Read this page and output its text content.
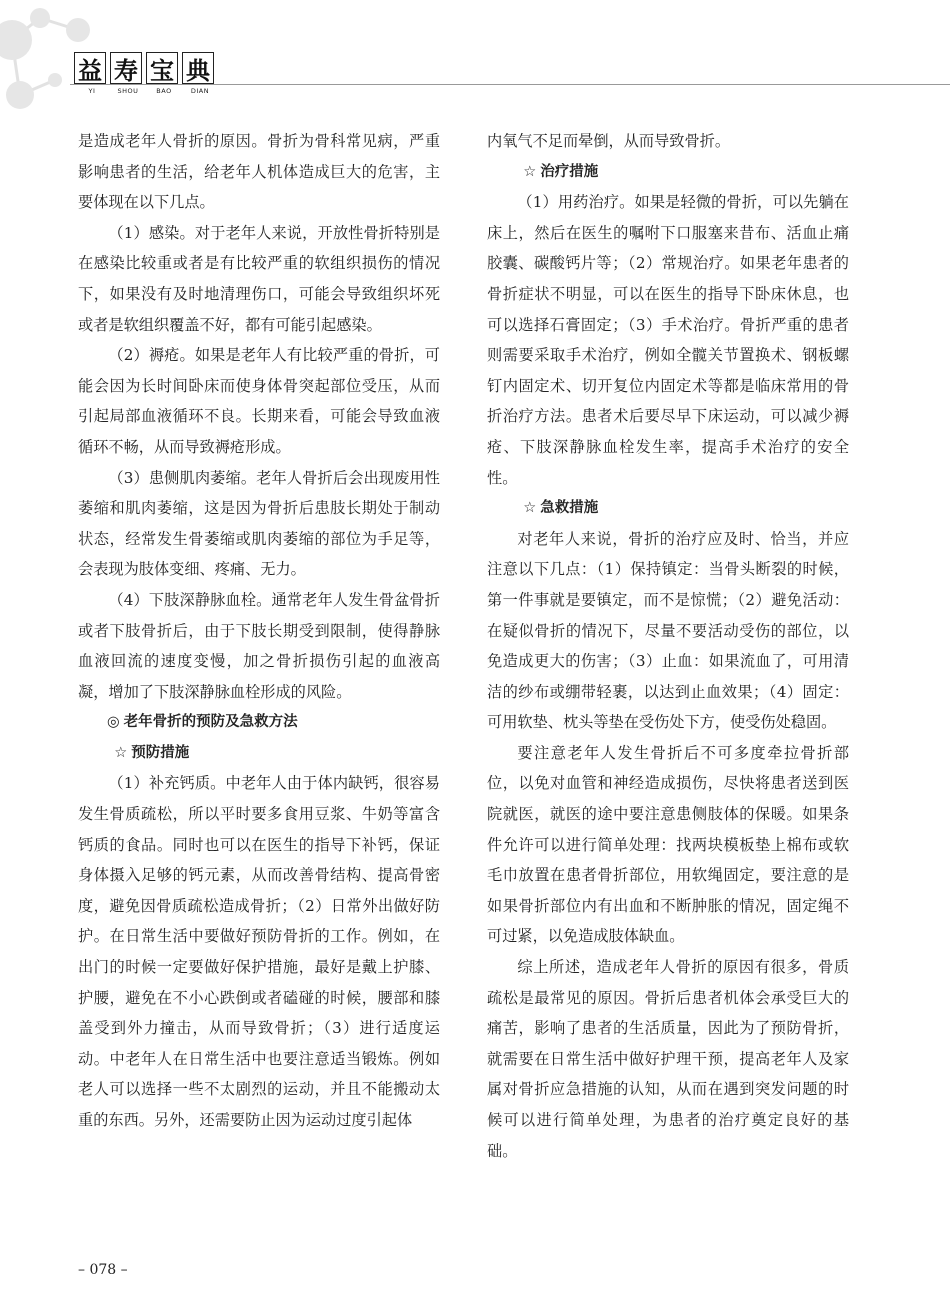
益 寿 宝 典
YI	SHOU	BAO	DIAN

是造成老年人骨折的原因。骨折为骨科常见病，严重影响患者的生活，给老年人机体造成巨大的危害，主要体现在以下几点。

（1）感染。对于老年人来说，开放性骨折特别是在感染比较重或者是有比较严重的软组织损伤的情况下，如果没有及时地清理伤口，可能会导致组织坏死或者是软组织覆盖不好，都有可能引起感染。

（2）褥疮。如果是老年人有比较严重的骨折，可能会因为长时间卧床而使身体骨突起部位受压，从而引起局部血液循环不良。长期来看，可能会导致血液循环不畅，从而导致褥疮形成。

（3）患侧肌肉萎缩。老年人骨折后会出现废用性萎缩和肌肉萎缩，这是因为骨折后患肢长期处于制动状态，经常发生骨萎缩或肌肉萎缩的部位为手足等，会表现为肢体变细、疼痛、无力。

（4）下肢深静脉血栓。通常老年人发生骨盆骨折或者下肢骨折后，由于下肢长期受到限制，使得静脉血液回流的速度变慢，加之骨折损伤引起的血液高凝，增加了下肢深静脉血栓形成的风险。

◎ 老年骨折的预防及急救方法
☆ 预防措施

（1）补充钙质。中老年人由于体内缺钙，很容易发生骨质疏松，所以平时要多食用豆浆、牛奶等富含钙质的食品。同时也可以在医生的指导下补钙，保证身体摄入足够的钙元素，从而改善骨结构、提高骨密度，避免因骨质疏松造成骨折；（2）日常外出做好防护。在日常生活中要做好预防骨折的工作。例如，在出门的时候一定要做好保护措施，最好是戴上护膝、护腰，避免在不小心跌倒或者磕碰的时候，腰部和膝盖受到外力撞击，从而导致骨折；（3）进行适度运动。中老年人在日常生活中也要注意适当锻炼。例如老人可以选择一些不太剧烈的运动，并且不能搬动太重的东西。另外，还需要防止因为运动过度引起体

内氧气不足而晕倒，从而导致骨折。

☆ 治疗措施

（1）用药治疗。如果是轻微的骨折，可以先躺在床上，然后在医生的嘱咐下口服塞来昔布、活血止痛胶囊、碳酸钙片等；（2）常规治疗。如果老年患者的骨折症状不明显，可以在医生的指导下卧床休息，也可以选择石膏固定；（3）手术治疗。骨折严重的患者则需要采取手术治疗，例如全髋关节置换术、钢板螺钉内固定术、切开复位内固定术等都是临床常用的骨折治疗方法。患者术后要尽早下床运动，可以减少褥疮、下肢深静脉血栓发生率，提高手术治疗的安全性。

☆ 急救措施

对老年人来说，骨折的治疗应及时、恰当，并应注意以下几点：（1）保持镇定：当骨头断裂的时候，第一件事就是要镇定，而不是惊慌；（2）避免活动：在疑似骨折的情况下，尽量不要活动受伤的部位，以免造成更大的伤害；（3）止血：如果流血了，可用清洁的纱布或绷带轻裹，以达到止血效果；（4）固定：可用软垫、枕头等垫在受伤处下方，使受伤处稳固。

要注意老年人发生骨折后不可多度牵拉骨折部位，以免对血管和神经造成损伤，尽快将患者送到医院就医，就医的途中要注意患侧肢体的保暖。如果条件允许可以进行简单处理：找两块模板垫上棉布或软毛巾放置在患者骨折部位，用软绳固定，要注意的是如果骨折部位内有出血和不断肿胀的情况，固定绳不可过紧，以免造成肢体缺血。

综上所述，造成老年人骨折的原因有很多，骨质疏松是最常见的原因。骨折后患者机体会承受巨大的痛苦，影响了患者的生活质量，因此为了预防骨折，就需要在日常生活中做好护理干预，提高老年人及家属对骨折应急措施的认知，从而在遇到突发问题的时候可以进行简单处理，为患者的治疗奠定良好的基础。

– 078 –
